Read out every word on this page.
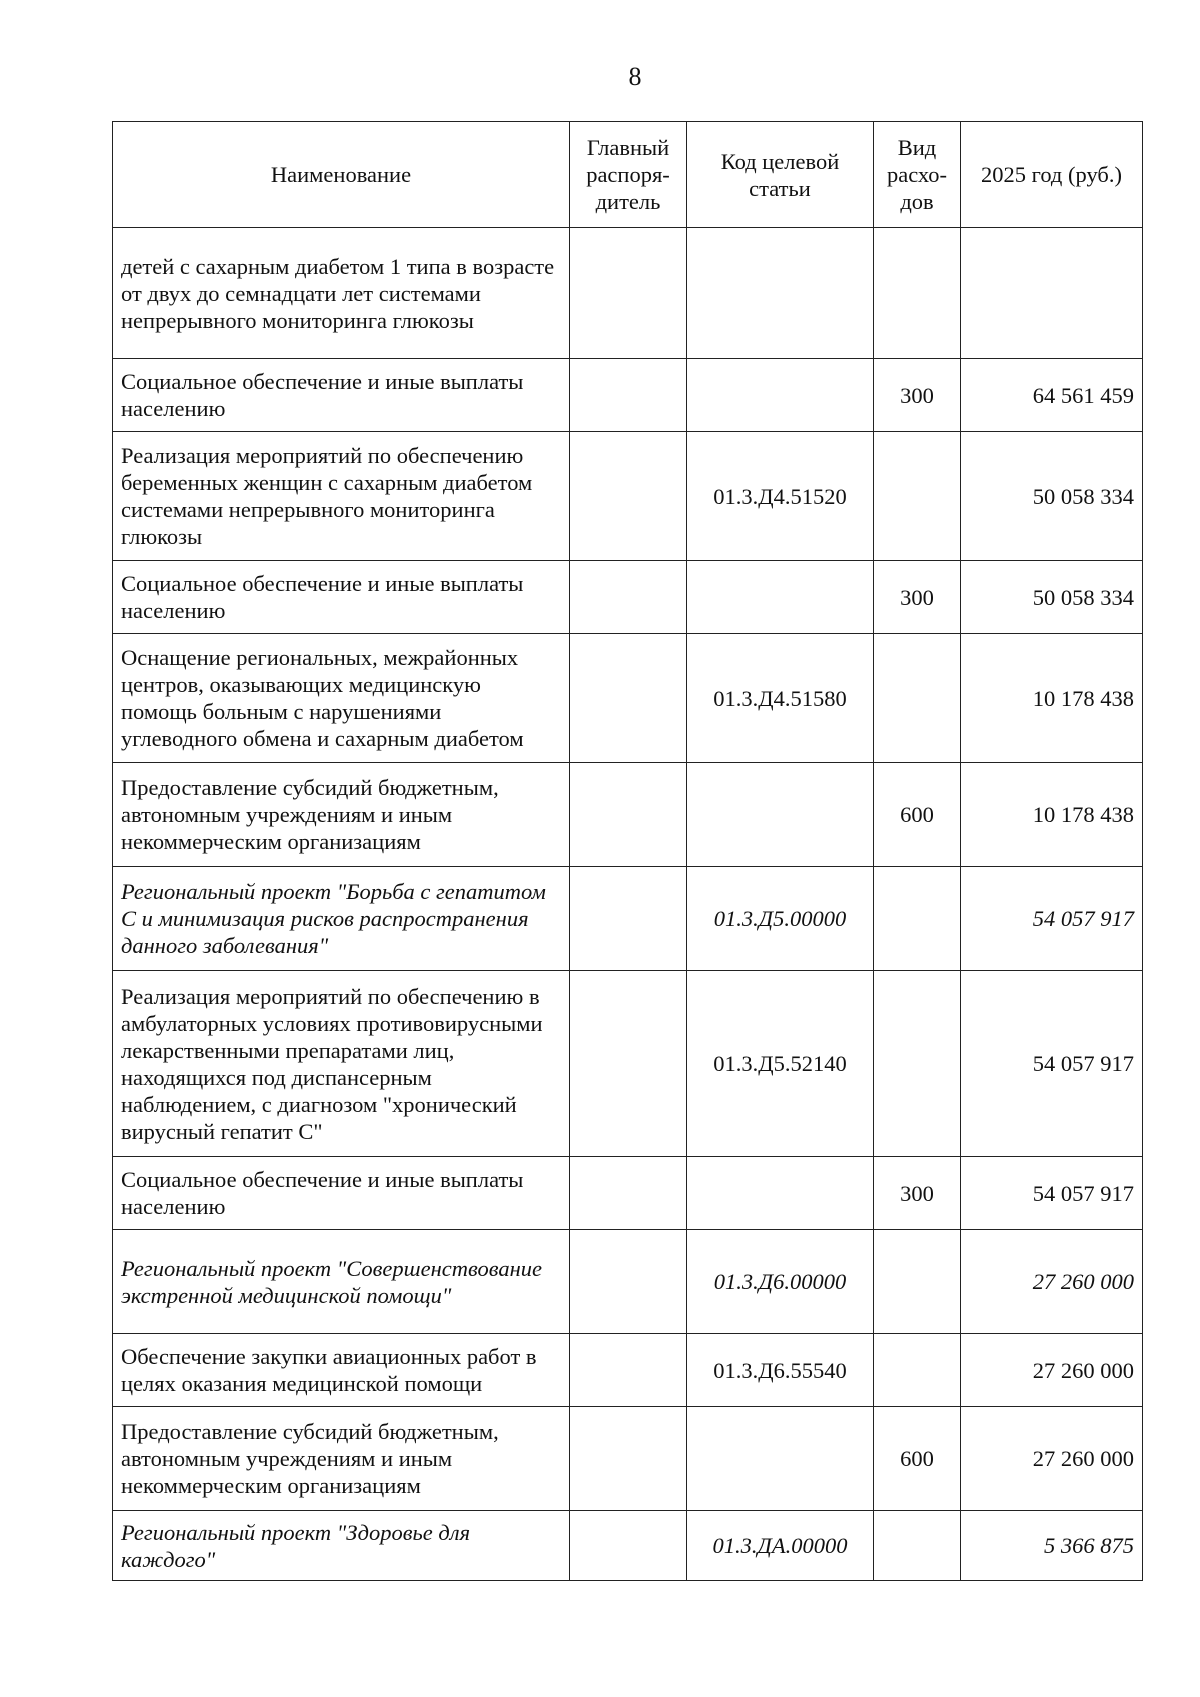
8
Наименование	Главный распоря-дитель	Код целевой статьи	Вид расхо-дов	2025 год (руб.)
детей с сахарным диабетом 1 типа в возрасте от двух до семнадцати лет системами непрерывного мониторинга глюкозы				
Социальное обеспечение и иные выплаты населению			300	64 561 459
Реализация мероприятий по обеспечению беременных женщин с сахарным диабетом системами непрерывного мониторинга глюкозы		01.3.Д4.51520		50 058 334
Социальное обеспечение и иные выплаты населению			300	50 058 334
Оснащение региональных, межрайонных центров, оказывающих медицинскую помощь больным с нарушениями углеводного обмена и сахарным диабетом		01.3.Д4.51580		10 178 438
Предоставление субсидий бюджетным, автономным учреждениям и иным некоммерческим организациям			600	10 178 438
Региональный проект "Борьба с гепатитом С и минимизация рисков распространения данного заболевания"		01.3.Д5.00000		54 057 917
Реализация мероприятий по обеспечению в амбулаторных условиях противовирусными лекарственными препаратами лиц, находящихся под диспансерным наблюдением, с диагнозом "хронический вирусный гепатит С"		01.3.Д5.52140		54 057 917
Социальное обеспечение и иные выплаты населению			300	54 057 917
Региональный проект "Совершенствование экстренной медицинской помощи"		01.3.Д6.00000		27 260 000
Обеспечение закупки авиационных работ в целях оказания медицинской помощи		01.3.Д6.55540		27 260 000
Предоставление субсидий бюджетным, автономным учреждениям и иным некоммерческим организациям			600	27 260 000
Региональный проект "Здоровье для каждого"		01.3.ДА.00000		5 366 875
